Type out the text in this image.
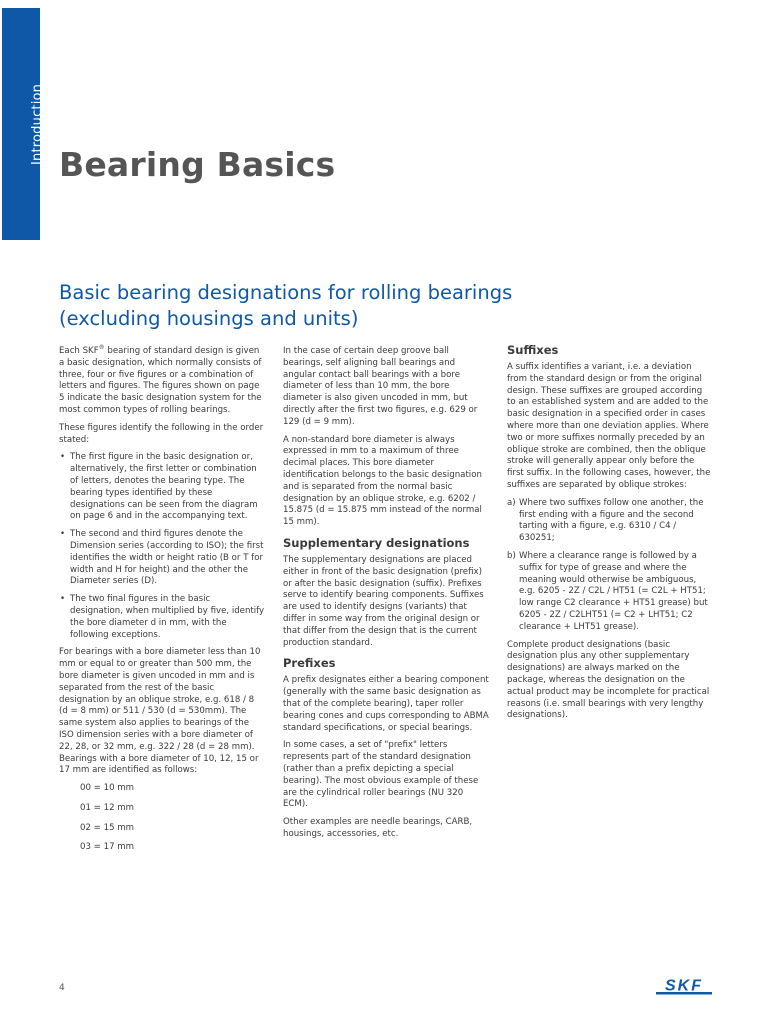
Introduction Bearing Basics
Basic bearing designations for rolling bearings (excluding housings and units)

Each SKF® bearing of standard design is given a basic designation, which normally consists of three, four or five figures or a combination of letters and figures. The figures shown on page 5 indicate the basic designation system for the most common types of rolling bearings.

These figures identify the following in the order stated:

• The first figure in the basic designation or, alternatively, the first letter or combination of letters, denotes the bearing type. The bearing types identified by these designations can be seen from the diagram on page 6 and in the accompanying text.
• The second and third figures denote the Dimension series (according to ISO); the first identifies the width or height ratio (B or T for width and H for height) and the other the Diameter series (D).
• The two final figures in the basic designation, when multiplied by five, identify the bore diameter d in mm, with the following exceptions.

For bearings with a bore diameter less than 10 mm or equal to or greater than 500 mm, the bore diameter is given uncoded in mm and is separated from the rest of the basic designation by an oblique stroke, e.g. 618 / 8 (d = 8 mm) or 511 / 530 (d = 530mm). The same system also applies to bearings of the ISO dimension series with a bore diameter of 22, 28, or 32 mm, e.g. 322 / 28 (d = 28 mm). Bearings with a bore diameter of 10, 12, 15 or 17 mm are identified as follows:

00 = 10 mm
01 = 12 mm
02 = 15 mm
03 = 17 mm

In the case of certain deep groove ball bearings, self aligning ball bearings and angular contact ball bearings with a bore diameter of less than 10 mm, the bore diameter is also given uncoded in mm, but directly after the first two figures, e.g. 629 or 129 (d = 9 mm).

A non-standard bore diameter is always expressed in mm to a maximum of three decimal places. This bore diameter identification belongs to the basic designation and is separated from the normal basic designation by an oblique stroke, e.g. 6202 / 15.875 (d = 15.875 mm instead of the normal 15 mm).

Supplementary designations

The supplementary designations are placed either in front of the basic designation (prefix) or after the basic designation (suffix). Prefixes serve to identify bearing components. Suffixes are used to identify designs (variants) that differ in some way from the original design or that differ from the design that is the current production standard.

Prefixes

A prefix designates either a bearing component (generally with the same basic designation as that of the complete bearing), taper roller bearing cones and cups corresponding to ABMA standard specifications, or special bearings.

In some cases, a set of "prefix" letters represents part of the standard designation (rather than a prefix depicting a special bearing). The most obvious example of these are the cylindrical roller bearings (NU 320 ECM).

Other examples are needle bearings, CARB, housings, accessories, etc.

Suffixes

A suffix identifies a variant, i.e. a deviation from the standard design or from the original design. These suffixes are grouped according to an established system and are added to the basic designation in a specified order in cases where more than one deviation applies. Where two or more suffixes normally preceded by an oblique stroke are combined, then the oblique stroke will generally appear only before the first suffix. In the following cases, however, the suffixes are separated by oblique strokes:

a) Where two suffixes follow one another, the first ending with a figure and the second tarting with a figure, e.g. 6310 / C4 / 630251;
b) Where a clearance range is followed by a suffix for type of grease and where the meaning would otherwise be ambiguous, e.g. 6205 - 2Z / C2L / HT51 (= C2L + HT51; low range C2 clearance + HT51 grease) but 6205 - 2Z / C2LHT51 (= C2 + LHT51; C2 clearance + LHT51 grease).

Complete product designations (basic designation plus any other supplementary designations) are always marked on the package, whereas the designation on the actual product may be incomplete for practical reasons (i.e. small bearings with very lengthy designations).

4	SKF
